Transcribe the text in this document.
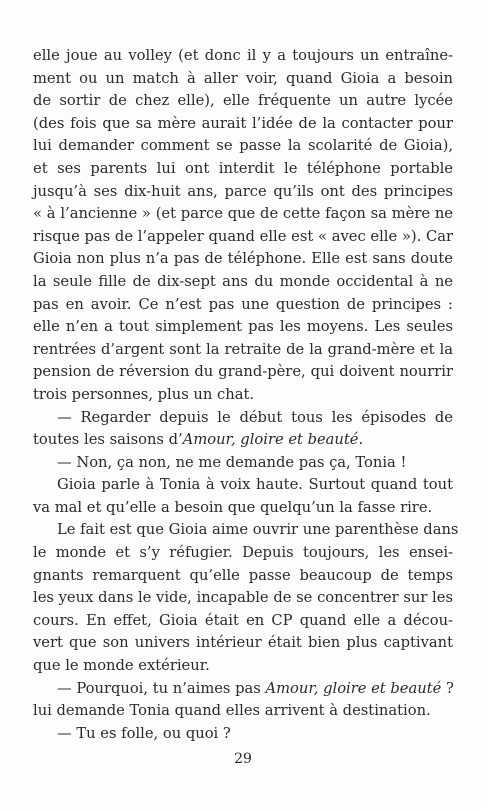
elle joue au volley (et donc il y a toujours un entraîne-
ment ou un match à aller voir, quand Gioia a besoin
de sortir de chez elle), elle fréquente un autre lycée
(des fois que sa mère aurait l’idée de la contacter pour
lui demander comment se passe la scolarité de Gioia),
et ses parents lui ont interdit le téléphone portable
jusqu’à ses dix-huit ans, parce qu’ils ont des principes
« à l’ancienne » (et parce que de cette façon sa mère ne
risque pas de l’appeler quand elle est « avec elle »). Car
Gioia non plus n’a pas de téléphone. Elle est sans doute
la seule fille de dix-sept ans du monde occidental à ne
pas en avoir. Ce n’est pas une question de principes :
elle n’en a tout simplement pas les moyens. Les seules
rentrées d’argent sont la retraite de la grand-mère et la
pension de réversion du grand-père, qui doivent nourrir
trois personnes, plus un chat.
— Regarder depuis le début tous les épisodes de
toutes les saisons d’Amour, gloire et beauté.
— Non, ça non, ne me demande pas ça, Tonia !
Gioia parle à Tonia à voix haute. Surtout quand tout
va mal et qu’elle a besoin que quelqu’un la fasse rire.
Le fait est que Gioia aime ouvrir une parenthèse dans
le monde et s’y réfugier. Depuis toujours, les ensei-
gnants remarquent qu’elle passe beaucoup de temps
les yeux dans le vide, incapable de se concentrer sur les
cours. En effet, Gioia était en CP quand elle a décou-
vert que son univers intérieur était bien plus captivant
que le monde extérieur.
— Pourquoi, tu n’aimes pas Amour, gloire et beauté ?
lui demande Tonia quand elles arrivent à destination.
— Tu es folle, ou quoi ?
29
